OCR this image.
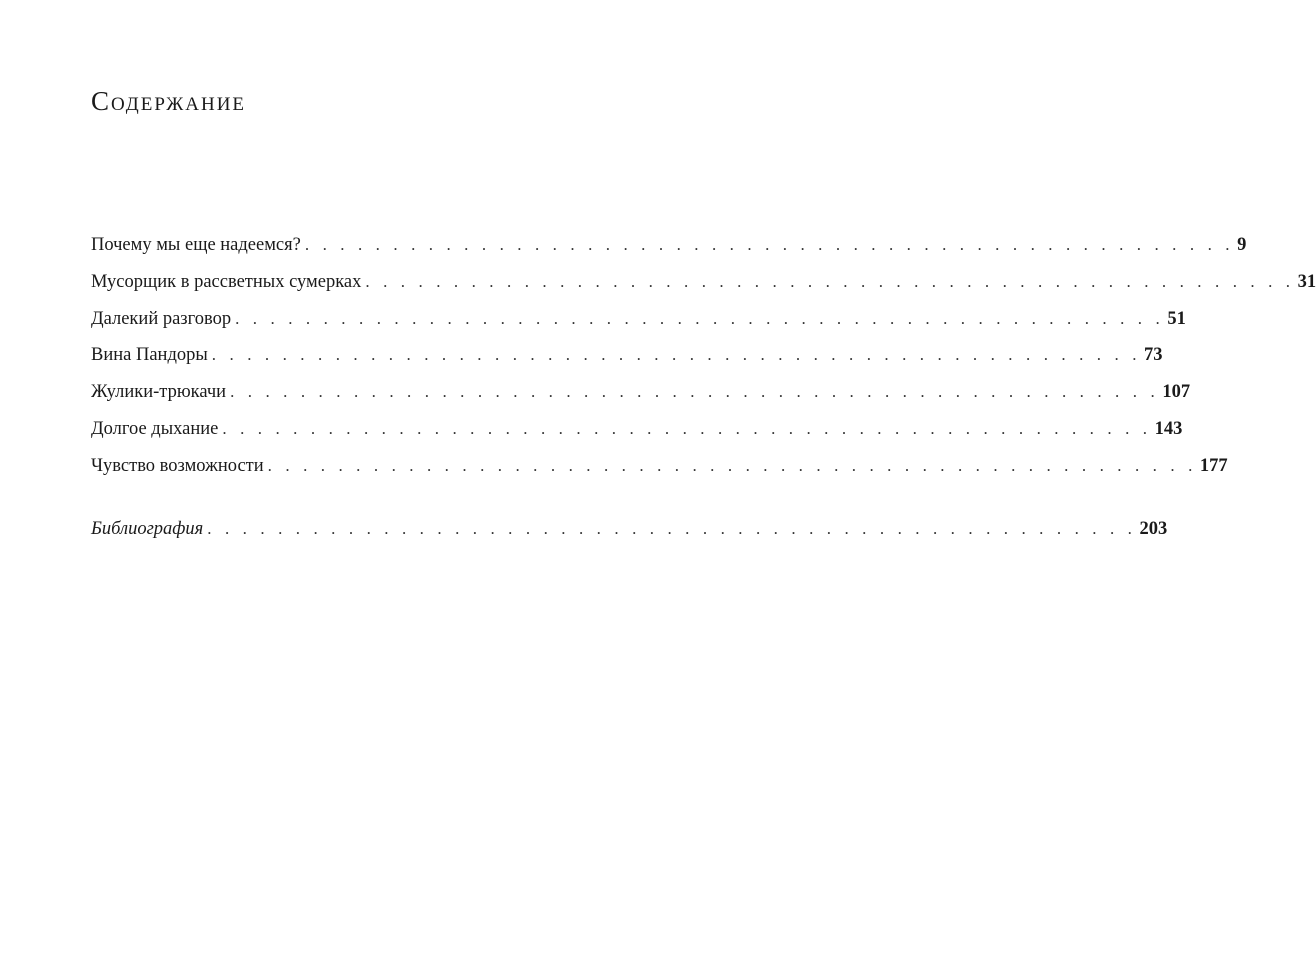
Содержание
Почему мы еще надеемся? . . . . . . . . . . . . . . . . . . . . . . . . . . . . . . . . . . . . . . . . . . . . . . . . . . . . . 9
Мусорщик в рассветных сумерках . . . . . . . . . . . . . . . . . . . . . . . . . . . . . . . . . . . . . . . . . . . . . . . . . . . . . 31
Далекий разговор . . . . . . . . . . . . . . . . . . . . . . . . . . . . . . . . . . . . . . . . . . . . . . . . . . . . . 51
Вина Пандоры . . . . . . . . . . . . . . . . . . . . . . . . . . . . . . . . . . . . . . . . . . . . . . . . . . . . . 73
Жулики-трюкачи . . . . . . . . . . . . . . . . . . . . . . . . . . . . . . . . . . . . . . . . . . . . . . . . . . . . . 107
Долгое дыхание . . . . . . . . . . . . . . . . . . . . . . . . . . . . . . . . . . . . . . . . . . . . . . . . . . . . . 143
Чувство возможности . . . . . . . . . . . . . . . . . . . . . . . . . . . . . . . . . . . . . . . . . . . . . . . . . . . . . 177
Библиография . . . . . . . . . . . . . . . . . . . . . . . . . . . . . . . . . . . . . . . . . . . . . . . . . . . . . 203
